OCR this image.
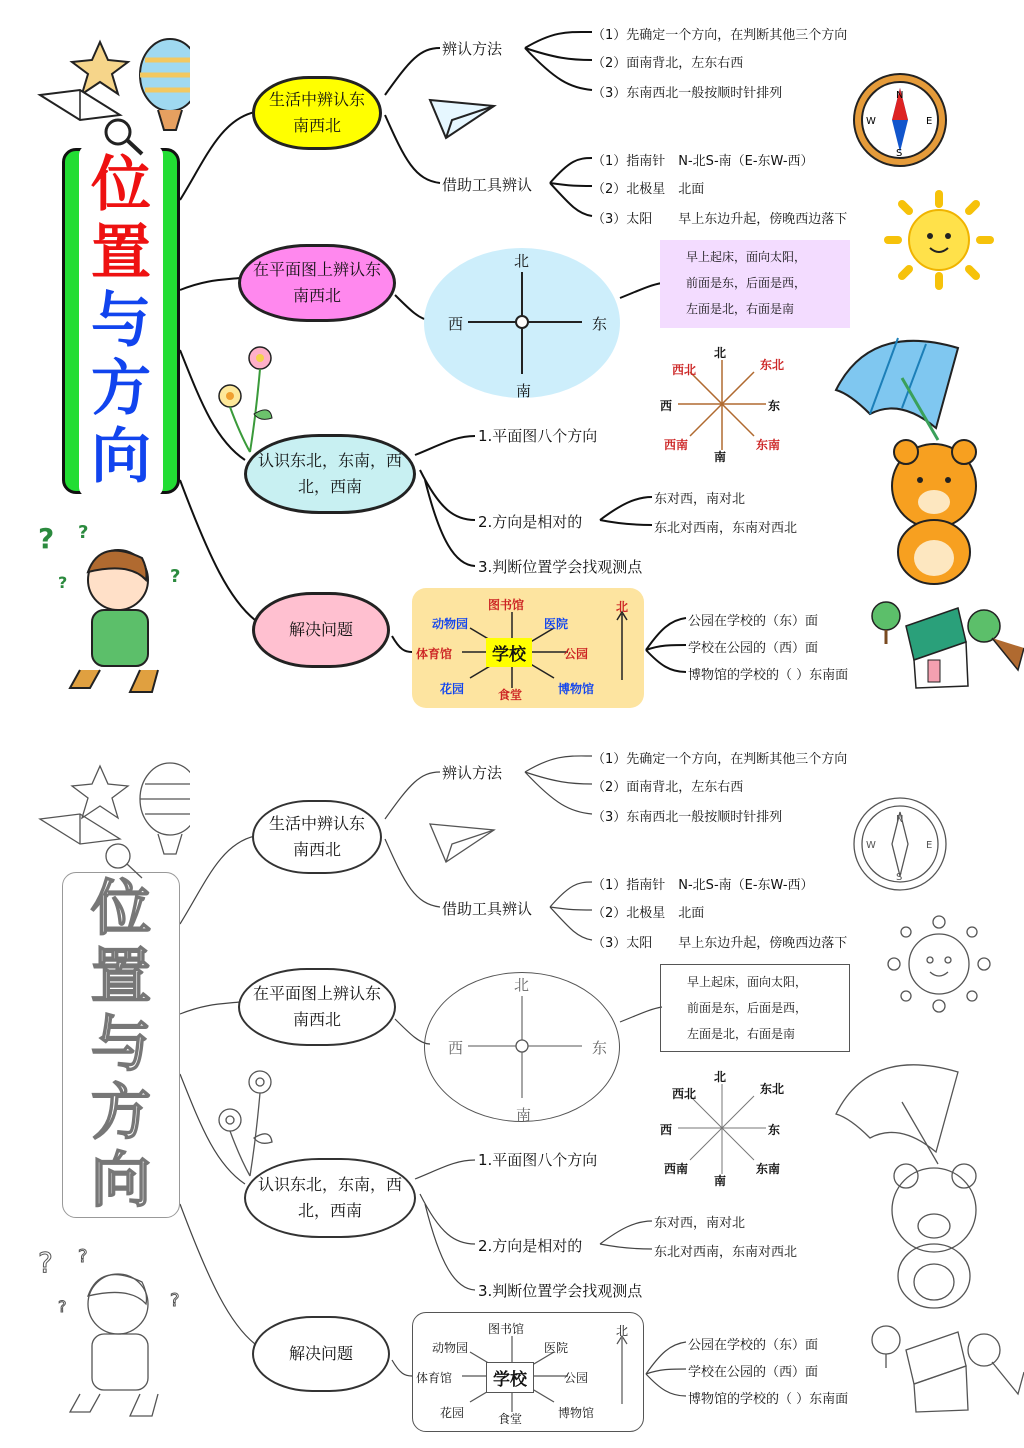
位
置
与
方
向
? ?
?
?
生活中辨认东南西北
在平面图上辨认东南西北
认识东北，东南，西北，西南
解决问题
辨认方法
（1）先确定一个方向，在判断其他三个方向
（2）面南背北，左东右西
（3）东南西北一般按顺时针排列
借助工具辨认
（1）指南针　N-北S-南（E-东W-西）
（2）北极星　北面
（3）太阳　　早上东边升起，傍晚西边落下
N
S
W	E
北
南
西	东
早上起床，面向太阳，
前面是东，后面是西，
左面是北，右面是南
1.平面图八个方向
2.方向是相对的
3.判断位置学会找观测点
东对西，南对北
东北对西南，东南对西北
北
东北
东
东南
南
西南
西
西北
学校
图书馆
动物园	医院
体育馆	公园
花园	食堂	博物馆
北
公园在学校的（东）面
学校在公园的（西）面
博物馆的学校的（ ）东南面
位
置
与
方
向
? ?
?
?
生活中辨认东南西北
在平面图上辨认东南西北
认识东北，东南，西北，西南
解决问题
辨认方法
（1）先确定一个方向，在判断其他三个方向
（2）面南背北，左东右西
（3）东南西北一般按顺时针排列
借助工具辨认
（1）指南针　N-北S-南（E-东W-西）
（2）北极星　北面
（3）太阳　　早上东边升起，傍晚西边落下
N
S
W	E
北
南
西	东
早上起床，面向太阳，
前面是东，后面是西，
左面是北，右面是南
1.平面图八个方向
2.方向是相对的
3.判断位置学会找观测点
东对西，南对北
东北对西南，东南对西北
北
东北
东
东南
南
西南
西
西北
学校
图书馆
动物园	医院
体育馆	公园
花园	食堂	博物馆
北
公园在学校的（东）面
学校在公园的（西）面
博物馆的学校的（ ）东南面
